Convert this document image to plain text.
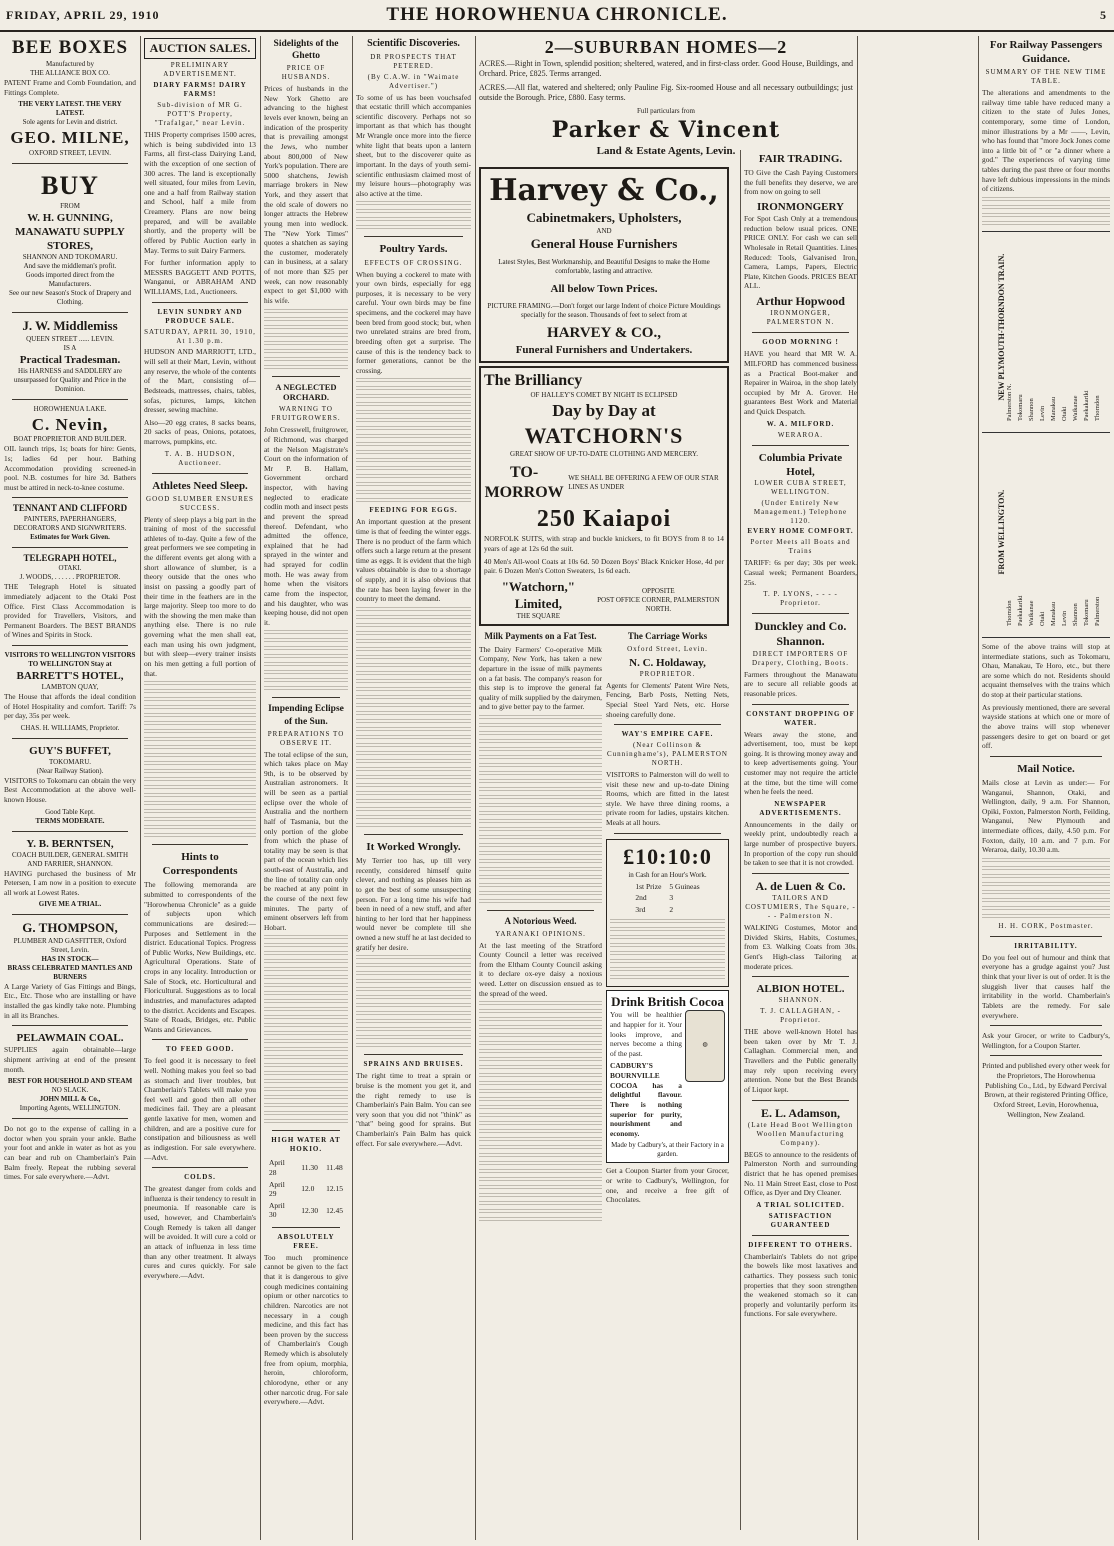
FRIDAY, APRIL 29, 1910	THE HOROWHENUA CHRONICLE.	5
BEE BOXES
Manufactured by
THE ALLIANCE BOX CO.

PATENT Frame and Comb Foundation, and Fittings Complete.

THE VERY LATEST. THE VERY LATEST.
Sole agents for Levin and district.
GEO. MILNE,
OXFORD STREET, LEVIN.
BUY
FROM
W. H. GUNNING, MANAWATU SUPPLY STORES,
SHANNON AND TOKOMARU.
And save the middleman's profit.
Goods imported direct from the Manufacturers.
See our new Season's Stock of Drapery and Clothing.
J. W. Middlemiss
QUEEN STREET ...... LEVIN.
IS A
Practical Tradesman.
His HARNESS and SADDLERY are unsurpassed for Quality and Price in the Dominion.
HOROWHENUA LAKE.
C. Nevin,
BOAT PROPRIETOR AND BUILDER.

OIL launch trips, 1s; boats for hire: Gents, 1s; ladies 6d per hour. Bathing Accommodation providing screened-in pool. N.B. costumes for hire 3d. Bathers must be attired in neck-to-knee costume.

TENNANT AND CLIFFORD
PAINTERS, PAPERHANGERS, DECORATORS AND SIGNWRITERS.
Estimates for Work Given.
TELEGRAPH HOTEL,
OTAKI.
J. WOODS, . . . . . . PROPRIETOR.

THE Telegraph Hotel is situated immediately adjacent to the Otaki Post Office. First Class Accommodation is provided for Travellers, Visitors, and Permanent Boarders. The BEST BRANDS of Wines and Spirits in Stock.

VISITORS TO WELLINGTON VISITORS TO WELLINGTON Stay at
BARRETT'S HOTEL,
LAMBTON QUAY,

The House that affords the ideal condition of Hotel Hospitality and comfort. Tariff: 7s per day, 35s per week.

CHAS. H. WILLIAMS, Proprietor.
GUY'S BUFFET,
TOKOMARU.
(Near Railway Station).

VISITORS to Tokomaru can obtain the very Best Accommodation at the above well-known House.

Good Table Kept.
TERMS MODERATE.
Y. B. BERNTSEN,
COACH BUILDER, GENERAL SMITH AND FARRIER, SHANNON.

HAVING purchased the business of Mr Petersen, I am now in a position to execute all work at Lowest Rates.

GIVE ME A TRIAL.
G. THOMPSON,
PLUMBER AND GASFITTER, Oxford Street, Levin.
HAS IN STOCK—
BRASS CELEBRATED MANTLES AND BURNERS

A Large Variety of Gas Fittings and Bings, Etc., Etc. Those who are installing or have installed the gas kindly take note. Plumbing in all its Branches.

PELAWMAIN COAL.

SUPPLIES again obtainable—large shipment arriving at end of the present month.

BEST FOR HOUSEHOLD AND STEAM
NO SLACK.
JOHN MILL & Co.,
Importing Agents, WELLINGTON.

Do not go to the expense of calling in a doctor when you sprain your ankle. Bathe your foot and ankle in water as hot as you can bear and rub on Chamberlain's Pain Balm freely. Repeat the rubbing several times. For sale everywhere.—Advt.

AUCTION SALES.
PRELIMINARY ADVERTISEMENT.
DIARY FARMS! DAIRY FARMS!
Sub-division of MR G. POTT'S Property, "Trafalgar," near Levin.

THIS Property comprises 1500 acres, which is being subdivided into 13 Farms, all first-class Dairying Land, with the exception of one section of 300 acres. The land is exceptionally well situated, four miles from Levin, one and a half from Railway station and School, half a mile from Creamery. Plans are now being prepared, and will be available shortly, and the property will be offered by Public Auction early in May. Terms to suit Dairy Farmers.

For further information apply to MESSRS BAGGETT AND POTTS, Wanganui, or ABRAHAM AND WILLIAMS, Ltd., Auctioneers.

LEVIN SUNDRY AND PRODUCE SALE.
SATURDAY, APRIL 30, 1910, At 1.30 p.m.

HUDSON AND MARRIOTT, LTD., will sell at their Mart, Levin, without any reserve, the whole of the contents of the Mart, consisting of— Bedsteads, mattresses, chairs, tables, sofas, pictures, lamps, kitchen dresser, sewing machine.

Also—20 egg crates, 8 sacks beans, 20 sacks of peas, Onions, potatoes, marrows, pumpkins, etc.

T. A. B. HUDSON, Auctioneer.
Athletes Need Sleep.
GOOD SLUMBER ENSURES SUCCESS.

Plenty of sleep plays a big part in the training of most of the successful athletes of to-day. Quite a few of the great performers we see competing in the different events get along with a short allowance of slumber, is a theory outside that the ones who insist on passing a goodly part of their time in the feathers are in the large majority. Sleep too more to do with the showing the men make than anything else. There is no rule governing what the men shall eat, each man using his own judgment, but with sleep—every trainer insists on his men getting a full portion of that.

Hints to Correspondents

The following memoranda are submitted to correspondents of the "Horowhenua Chronicle" as a guide of subjects upon which communications are desired:— Purposes and Settlement in the district. Educational Topics. Progress of Public Works, New Buildings, etc. Agricultural Operations. State of crops in any locality. Introduction or Sale of Stock, etc. Horticultural and Floricultural. Suggestions as to local industries, and manufactures adapted to the district. Accidents and Escapes. State of Roads, Bridges, etc. Public Wants and Grievances.

TO FEED GOOD.

To feel good it is necessary to feel well. Nothing makes you feel so bad as stomach and liver troubles, but Chamberlain's Tablets will make you feel well and good then all other medicines fail. They are a pleasant gentle laxative for men, women and children, and are a positive cure for constipation and biliousness as well as indigestion. For sale everywhere.—Advt.

COLDS.

The greatest danger from colds and influenza is their tendency to result in pneumonia. If reasonable care is used, however, and Chamberlain's Cough Remedy is taken all danger will be avoided. It will cure a cold or an attack of influenza in less time than any other treatment. It always cures and cures quickly. For sale everywhere.—Advt.

Sidelights of the Ghetto
PRICE OF HUSBANDS.

Prices of husbands in the New York Ghetto are advancing to the highest levels ever known, being an indication of the prosperity that is prevailing amongst the Jews, who number about 800,000 of New York's population. There are 5000 shatchens, Jewish marriage brokers in New York, and they assert that the old scale of dowers no longer attracts the Hebrew young men into wedlock. The "New York Times" quotes a shatchen as saying the customer, moderately can in business, at a salary of not more than $25 per week, can now reasonably expect to get $1,000 with his wife.

A NEGLECTED ORCHARD.
WARNING TO FRUITGROWERS.

John Cresswell, fruitgrower, of Richmond, was charged at the Nelson Magistrate's Court on the information of Mr P. B. Hallam, Government orchard inspector, with having neglected to eradicate codlin moth and insect pests and prevent the spread thereof. Defendant, who admitted the offence, explained that he had sprayed in the winter and had sprayed for codlin moth. He was away from home when the visitors came from the inspector, and his daughter, who was keeping house, did not open it.

Impending Eclipse of the Sun.
PREPARATIONS TO OBSERVE IT.

The total eclipse of the sun, which takes place on May 9th, is to be observed by Australian astronomers. It will be seen as a partial eclipse over the whole of Australia and the northern half of Tasmania, but the only portion of the globe from which the phase of totality may be seen is that part of the ocean which lies south-east of Australia, and the line of totality can only be reached at any point in the course of the next few minutes. The party of eminent observers left from Hobart.

HIGH WATER AT HOKIO.
April 28	11.30	11.48
April 29	12.0	12.15
April 30	12.30	12.45
ABSOLUTELY FREE.

Too much prominence cannot be given to the fact that it is dangerous to give cough medicines containing opium or other narcotics to children. Narcotics are not necessary in a cough medicine, and this fact has been proven by the success of Chamberlain's Cough Remedy which is absolutely free from opium, morphia, heroin, chloroform, chlorodyne, ether or any other narcotic drug. For sale everywhere.—Advt.

Scientific Discoveries.
DR PROSPECTS THAT PETERED.
(By C.A.W. in "Waimate Advertiser.")

To some of us has been vouchsafed that ecstatic thrill which accompanies scientific discovery. Perhaps not so important as that which has thought Mr Wrangle once more into the fierce white light that beats upon a lantern sheet, but to the discoverer quite as important. In the days of youth semi-scientific enthusiasm claimed most of my leisure hours—photography was also active at the time.

Poultry Yards.
EFFECTS OF CROSSING.

When buying a cockerel to mate with your own birds, especially for egg purposes, it is necessary to be very careful. Your own birds may be fine specimens, and the cockerel may have been bred from good stock; but, when two unrelated strains are bred from, breeding often get a surprise. The cause of this is the tendency back to former generations, cannot be the crossing.

FEEDING FOR EGGS.

An important question at the present time is that of feeding the winter eggs. There is no product of the farm which offers such a large return at the present time as eggs. It is evident that the high values obtainable is due to a shortage of supply, and it is also obvious that the rate has been laying fewer in the country to meet the demand.

It Worked Wrongly.

My Terrier too has, up till very recently, considered himself quite clever, and nothing as pleases him as to get the best of some unsuspecting person. For a long time his wife had been in need of a new stuff, and after hinting to her lord that her happiness would never be complete till she owned a new stuff he at last decided to gratify her desire.

SPRAINS AND BRUISES.

The right time to treat a sprain or bruise is the moment you get it, and the right remedy to use is Chamberlain's Pain Balm. You can see very soon that you did not "think" as "that" being good for sprains. But Chamberlain's Pain Balm has quick effect. For sale everywhere.—Advt.

2—SUBURBAN HOMES—2

ACRES.—Right in Town, splendid position; sheltered, watered, and in first-class order. Good House, Buildings, and Orchard. Price, £825. Terms arranged.

ACRES.—All flat, watered and sheltered; only Pauline Fig. Six-roomed House and all necessary outbuildings; just outside the Borough. Price, £880. Easy terms.

Full particulars from
Parker & Vincent
Land & Estate Agents, Levin.
Harvey & Co.,
Cabinetmakers, Upholsters,
AND
General House Furnishers
Latest Styles, Best Workmanship, and Beautiful Designs to make the Home comfortable, lasting and attractive.
All below Town Prices.
PICTURE FRAMING.—Don't forget our large Indent of choice Picture Mouldings specially for the season. Thousands of feet to select from at
HARVEY & CO.,
Funeral Furnishers and Undertakers.
The Brilliancy
OF HALLEY'S COMET BY NIGHT IS ECLIPSED
Day by Day at
WATCHORN'S
GREAT SHOW OF UP-TO-DATE CLOTHING AND MERCERY.
TO-MORROW
WE SHALL BE OFFERING A FEW OF OUR STAR LINES AS UNDER
250 Kaiapoi

NORFOLK SUITS, with strap and buckle knickers, to fit BOYS from 8 to 14 years of age at 12s 6d the suit.

40 Men's All-wool Coats at 10s 6d. 50 Dozen Boys' Black Knicker Hose, 4d per pair. 6 Dozen Men's Cotton Sweaters, 1s 6d each.

"Watchorn," Limited,
THE SQUARE
OPPOSITE
POST OFFICE CORNER, PALMERSTON NORTH.
Milk Payments on a Fat Test.

The Dairy Farmers' Co-operative Milk Company, New York, has taken a new departure in the issue of milk payments on a fat basis. The company's reason for this step is to improve the general fat quality of milk supplied by the dairymen, and to give better pay to the farmer.

A Notorious Weed.
YARANAKI OPINIONS.

At the last meeting of the Stratford County Council a letter was received from the Eltham County Council asking it to declare ox-eye daisy a noxious weed. Letter on discussion ensued as to the spread of the weed.

The Carriage Works
Oxford Street, Levin.
N. C. Holdaway,
PROPRIETOR.

Agents for Clements' Patent Wire Nets, Fencing, Barb Posts, Netting Nets, Special Steel Yard Nets, etc. Horse shoeing carefully done.

WAY'S EMPIRE CAFE.
(Near Collinson & Cunninghame's), PALMERSTON NORTH.

VISITORS to Palmerston will do well to visit these new and up-to-date Dining Rooms, which are fitted in the latest style. We have three dining rooms, a private room for ladies, upstairs kitchen. Meals at all hours.

£10:10:0
in Cash for an Hour's Work.
1st Prize	5 Guineas
2nd	3
3rd	2
Drink British Cocoa

You will be healthier and happier for it. Your looks improve, and nerves become a thing of the past.

CADBURY'S BOURNVILLE COCOA has a delightful flavour. There is nothing superior for purity, nourishment and economy.

◍
Made by Cadbury's, at their Factory in a garden.

Get a Coupon Starter from your Grocer, or write to Cadbury's, Wellington, for one, and receive a free gift of Chocolates.

FAIR TRADING.

TO Give the Cash Paying Customers the full benefits they deserve, we are from now on going to sell

IRONMONGERY

For Spot Cash Only at a tremendous reduction below usual prices. ONE PRICE ONLY. For cash we can sell Wholesale in Retail Quantities. Lines Reduced: Tools, Galvanised Iron, Camera, Lamps, Papers, Electric Plate, Kitchen Goods. PRICES BEAT ALL.

Arthur Hopwood
IRONMONGER, PALMERSTON N.
GOOD MORNING !

HAVE you heard that MR W. A. MILFORD has commenced business as a Practical Boot-maker and Repairer in Wairoa, in the shop lately occupied by Mr A. Grover. He guarantees Best Work and Material and Quick Despatch.

W. A. MILFORD.
WERAROA.
Columbia Private Hotel,
LOWER CUBA STREET, WELLINGTON.
(Under Entirely New Management.) Telephone 1120.
EVERY HOME COMFORT.
Porter Meets all Boats and Trains

TARIFF: 6s per day; 30s per week. Casual week; Permanent Boarders, 25s.

T. P. LYONS, - - - - Proprietor.
Dunckley and Co. Shannon.
DIRECT IMPORTERS OF Drapery, Clothing, Boots.

Farmers throughout the Manawatu are to secure all reliable goods at reasonable prices.

CONSTANT DROPPING OF WATER.

Wears away the stone, and advertisement, too, must be kept going. It is throwing money away and to keep advertisements going. Your customer may not require the article at the time, but the time will come when he feels the need.

NEWSPAPER ADVERTISEMENTS.

Announcements in the daily or weekly print, undoubtedly reach a large number of prospective buyers. In proportion of the copy run should be taken to see that it is not crowded.

A. de Luen & Co.
TAILORS AND COSTUMIERS, The Square, - - - Palmerston N.

WALKING Costumes, Motor and Divided Skirts, Habits, Costumes, from £3. Walking Coats from 30s. Gent's High-class Tailoring at moderate prices.

ALBION HOTEL.
SHANNON.
T. J. CALLAGHAN, - Proprietor.

THE above well-known Hotel has been taken over by Mr T. J. Callaghan. Commercial men, and Travellers and the Public generally may rely upon receiving every attention. None but the Best Brands of Liquor kept.

E. L. Adamson,
(Late Head Boot Wellington Woollen Manufacturing Company).

BEGS to announce to the residents of Palmerston North and surrounding district that he has opened premises No. 11 Main Street East, close to Post Office, as Dyer and Dry Cleaner.

A TRIAL SOLICITED.
SATISFACTION GUARANTEED
DIFFERENT TO OTHERS.

Chamberlain's Tablets do not gripe the bowels like most laxatives and cathartics. They possess such tonic properties that they soon strengthen the weakened stomach so it can properly and voluntarily perform its functions. For sale everywhere.

For Railway Passengers Guidance.
SUMMARY OF THE NEW TIME TABLE.

The alterations and amendments to the railway time table have reduced many a citizen to the state of Jules Jones, contemporary, some time of London, minor illustrations by a Mr ——, Levin, who has found that "more Jock Jones come into a little bit of " or "a dinner where a god." The experiences of varying time tables during the past three or four months have left dubious impressions in the minds of citizens.

NEW PLYMOUTH-THORNDON TRAIN.
Palmerston N. Tokomaru Shannon Levin Manakau Otaki Waikanae Paekakariki Thorndon
FROM WELLINGTON.
Thorndon Paekakariki Waikanae Otaki Manakau Levin Shannon Tokomaru Palmerston

Some of the above trains will stop at intermediate stations, such as Tokomaru, Ohau, Manakau, Te Horo, etc., but there are some which do not. Residents should acquaint themselves with the trains which do stop at their particular stations.

As previously mentioned, there are several wayside stations at which one or more of the above trains will stop whenever passengers desire to get on board or get off.

Mail Notice.

Mails close at Levin as under:— For Wanganui, Shannon, Otaki, and Wellington, daily, 9 a.m. For Shannon, Opiki, Foxton, Palmerston North, Feilding, Wanganui, New Plymouth and intermediate offices, daily, 4.50 p.m. For Foxton, daily, 10 a.m. and 7 p.m. For Weraroa, daily, 10.30 a.m.

H. H. CORK, Postmaster.
IRRITABILITY.

Do you feel out of humour and think that everyone has a grudge against you? Just think that your liver is out of order. It is the sluggish liver that causes half the irritability in the world. Chamberlain's Tablets are the remedy. For sale everywhere.

Ask your Grocer, or write to Cadbury's, Wellington, for a Coupon Starter.

Printed and published every other week for the Proprietors, The Horowhenua Publishing Co., Ltd., by Edward Percival Brown, at their registered Printing Office, Oxford Street, Levin, Horowhenua, Wellington, New Zealand.
